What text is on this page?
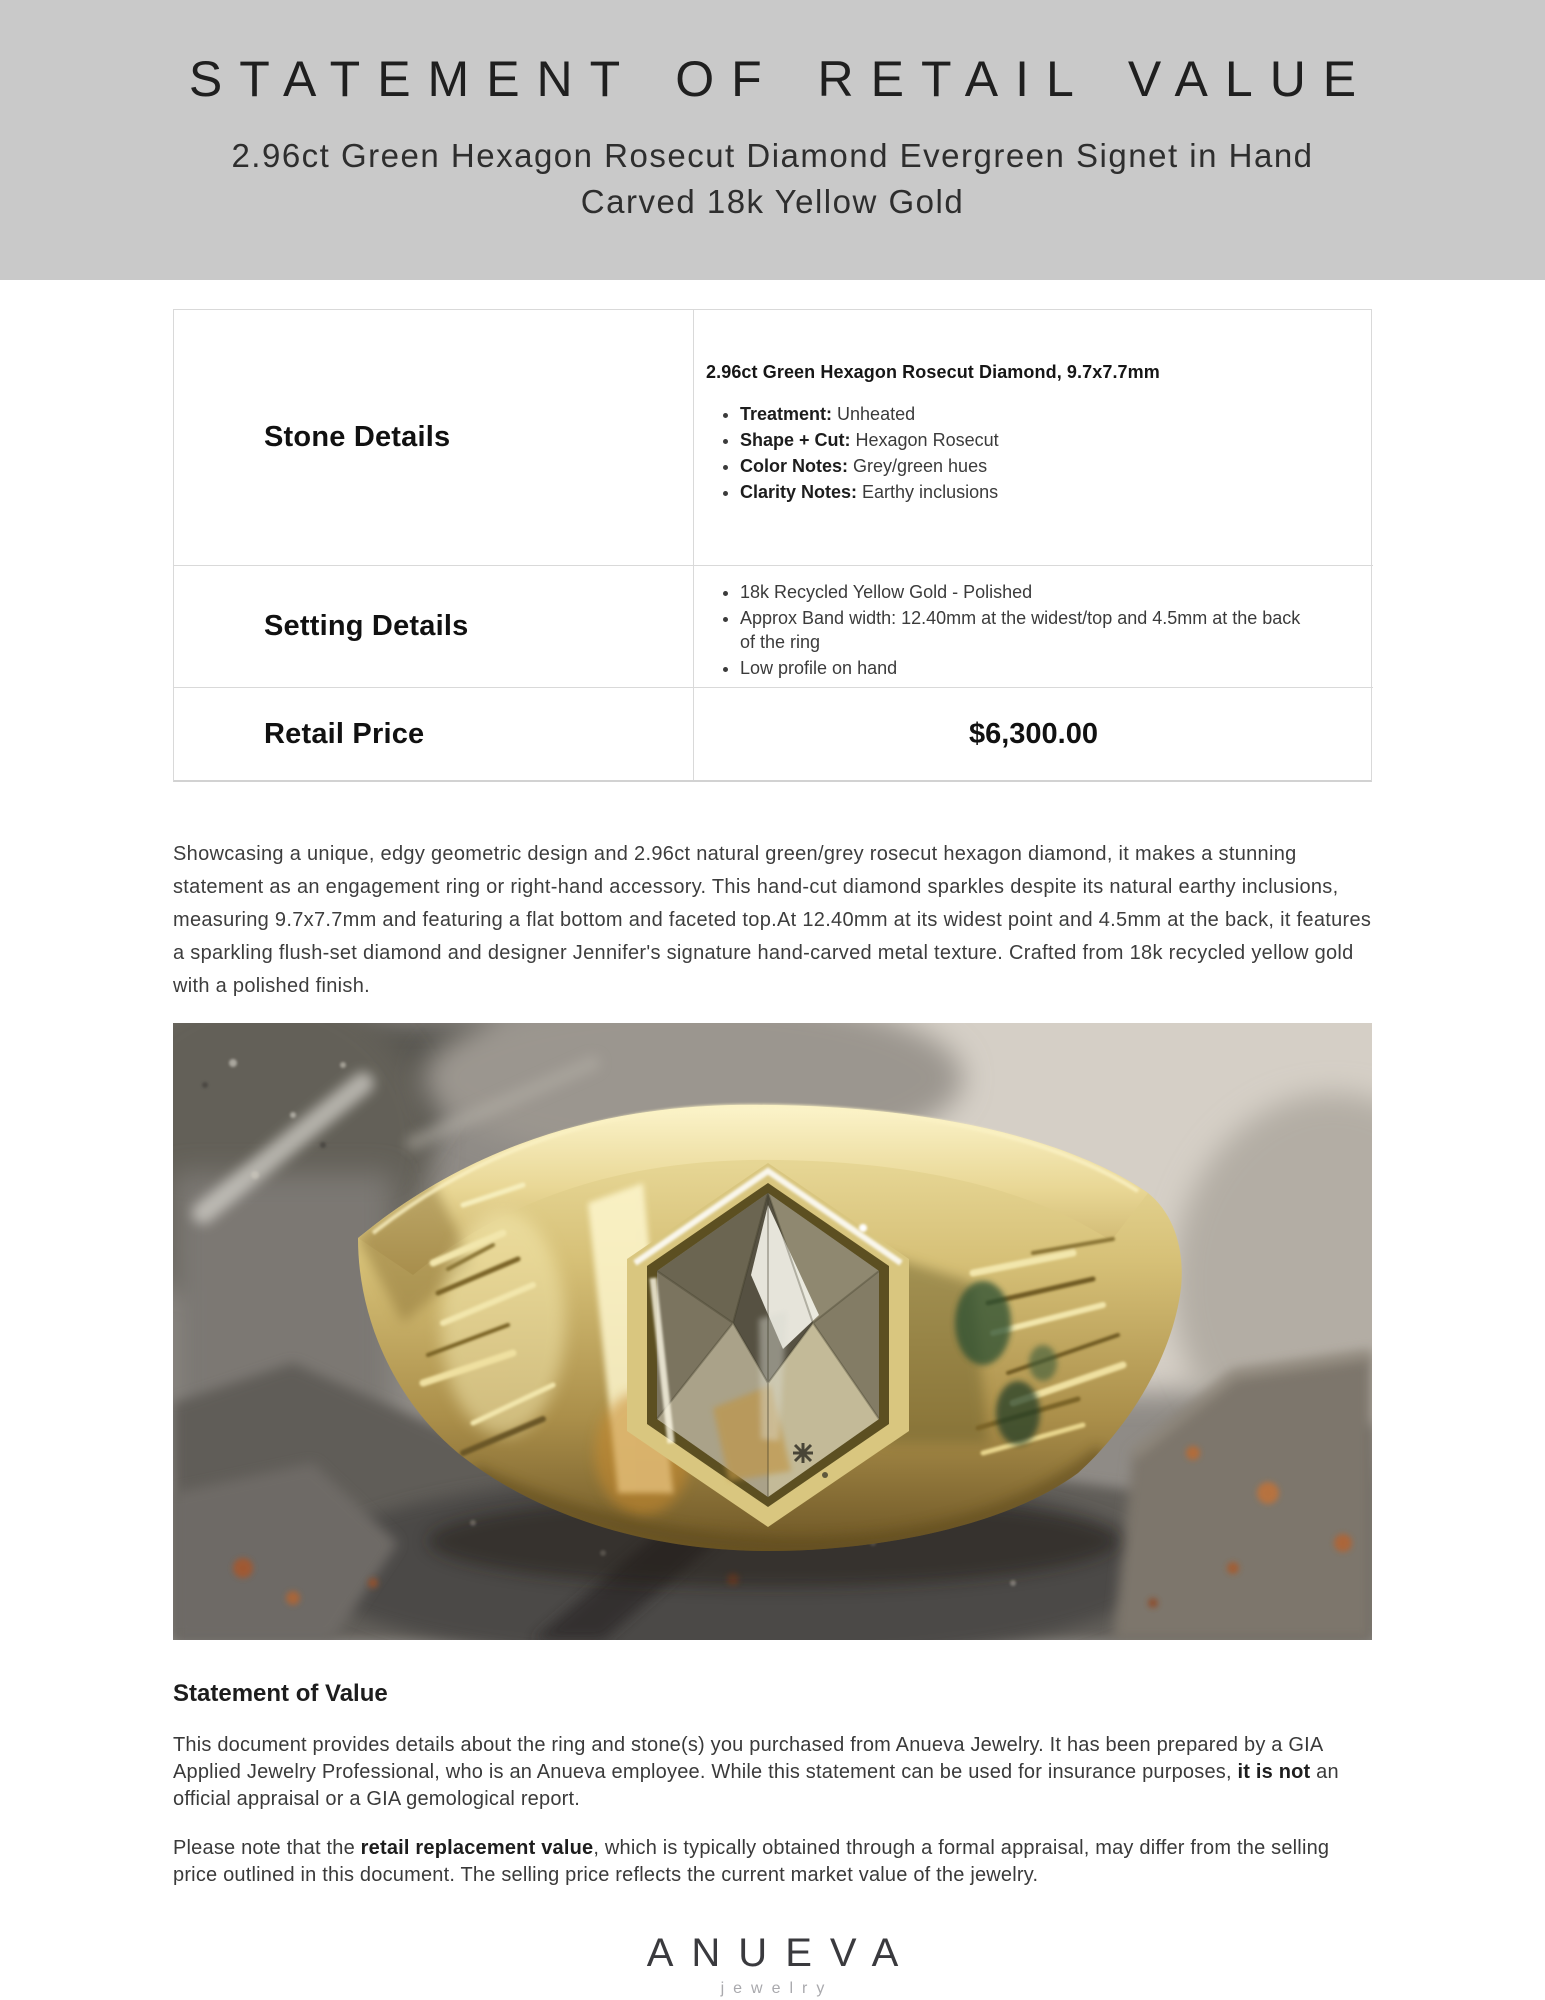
STATEMENT OF RETAIL VALUE
2.96ct Green Hexagon Rosecut Diamond Evergreen Signet in Hand
Carved 18k Yellow Gold
Stone Details
2.96ct Green Hexagon Rosecut Diamond, 9.7x7.7mm
• Treatment: Unheated
• Shape + Cut: Hexagon Rosecut
• Color Notes: Grey/green hues
• Clarity Notes: Earthy inclusions
Setting Details
• 18k Recycled Yellow Gold - Polished
• Approx Band width: 12.40mm at the widest/top and 4.5mm at the back of the ring
• Low profile on hand
Retail Price	$6,300.00

Showcasing a unique, edgy geometric design and 2.96ct natural green/grey rosecut hexagon diamond, it makes a stunning statement as an engagement ring or right-hand accessory. This hand-cut diamond sparkles despite its natural earthy inclusions, measuring 9.7x7.7mm and featuring a flat bottom and faceted top.At 12.40mm at its widest point and 4.5mm at the back, it features a sparkling flush-set diamond and designer Jennifer's signature hand-carved metal texture. Crafted from 18k recycled yellow gold with a polished finish.

Statement of Value

This document provides details about the ring and stone(s) you purchased from Anueva Jewelry. It has been prepared by a GIA Applied Jewelry Professional, who is an Anueva employee. While this statement can be used for insurance purposes, it is not an official appraisal or a GIA gemological report.

Please note that the retail replacement value, which is typically obtained through a formal appraisal, may differ from the selling price outlined in this document. The selling price reflects the current market value of the jewelry.

ANUEVA
jewelry
